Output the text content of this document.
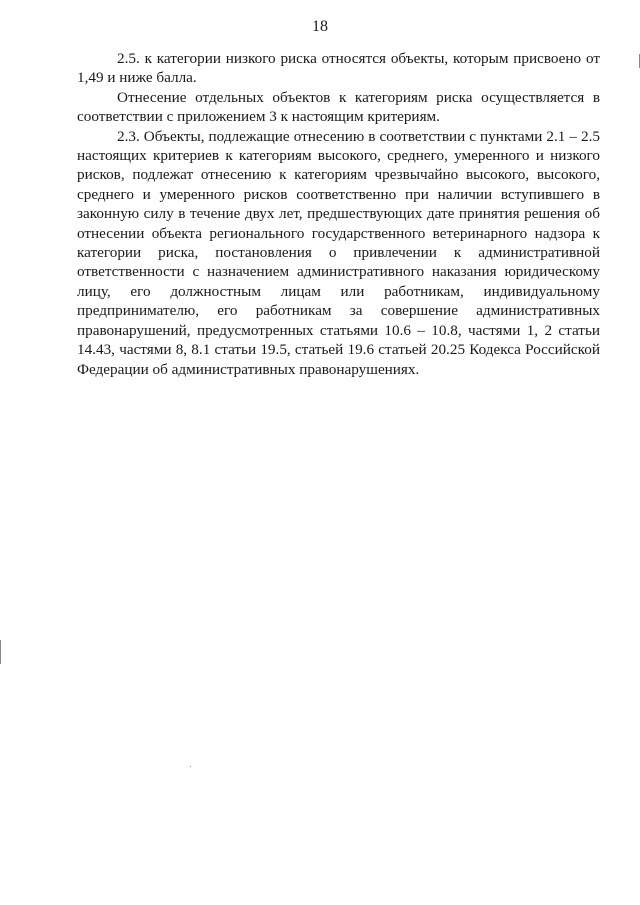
18

2.5. к категории низкого риска относятся объекты, которым присвоено от 1,49 и ниже балла.

Отнесение отдельных объектов к категориям риска осуществляется в соответствии с приложением 3 к настоящим критериям.

2.3. Объекты, подлежащие отнесению в соответствии с пунктами 2.1 – 2.5 настоящих критериев к категориям высокого, среднего, умеренного и низкого рисков, подлежат отнесению к категориям чрезвычайно высокого, высокого, среднего и умеренного рисков соответственно при наличии вступившего в законную силу в течение двух лет, предшествующих дате принятия решения об отнесении объекта регионального государственного ветеринарного надзора к категории риска, постановления о привлечении к административной ответственности с назначением административного наказания юридическому лицу, его должностным лицам или работникам, индивидуальному предпринимателю, его работникам за совершение административных правонарушений, предусмотренных статьями 10.6 – 10.8, частями 1, 2 статьи 14.43, частями 8, 8.1 статьи 19.5, статьей 19.6 статьей 20.25 Кодекса Российской Федерации об административных правонарушениях.
